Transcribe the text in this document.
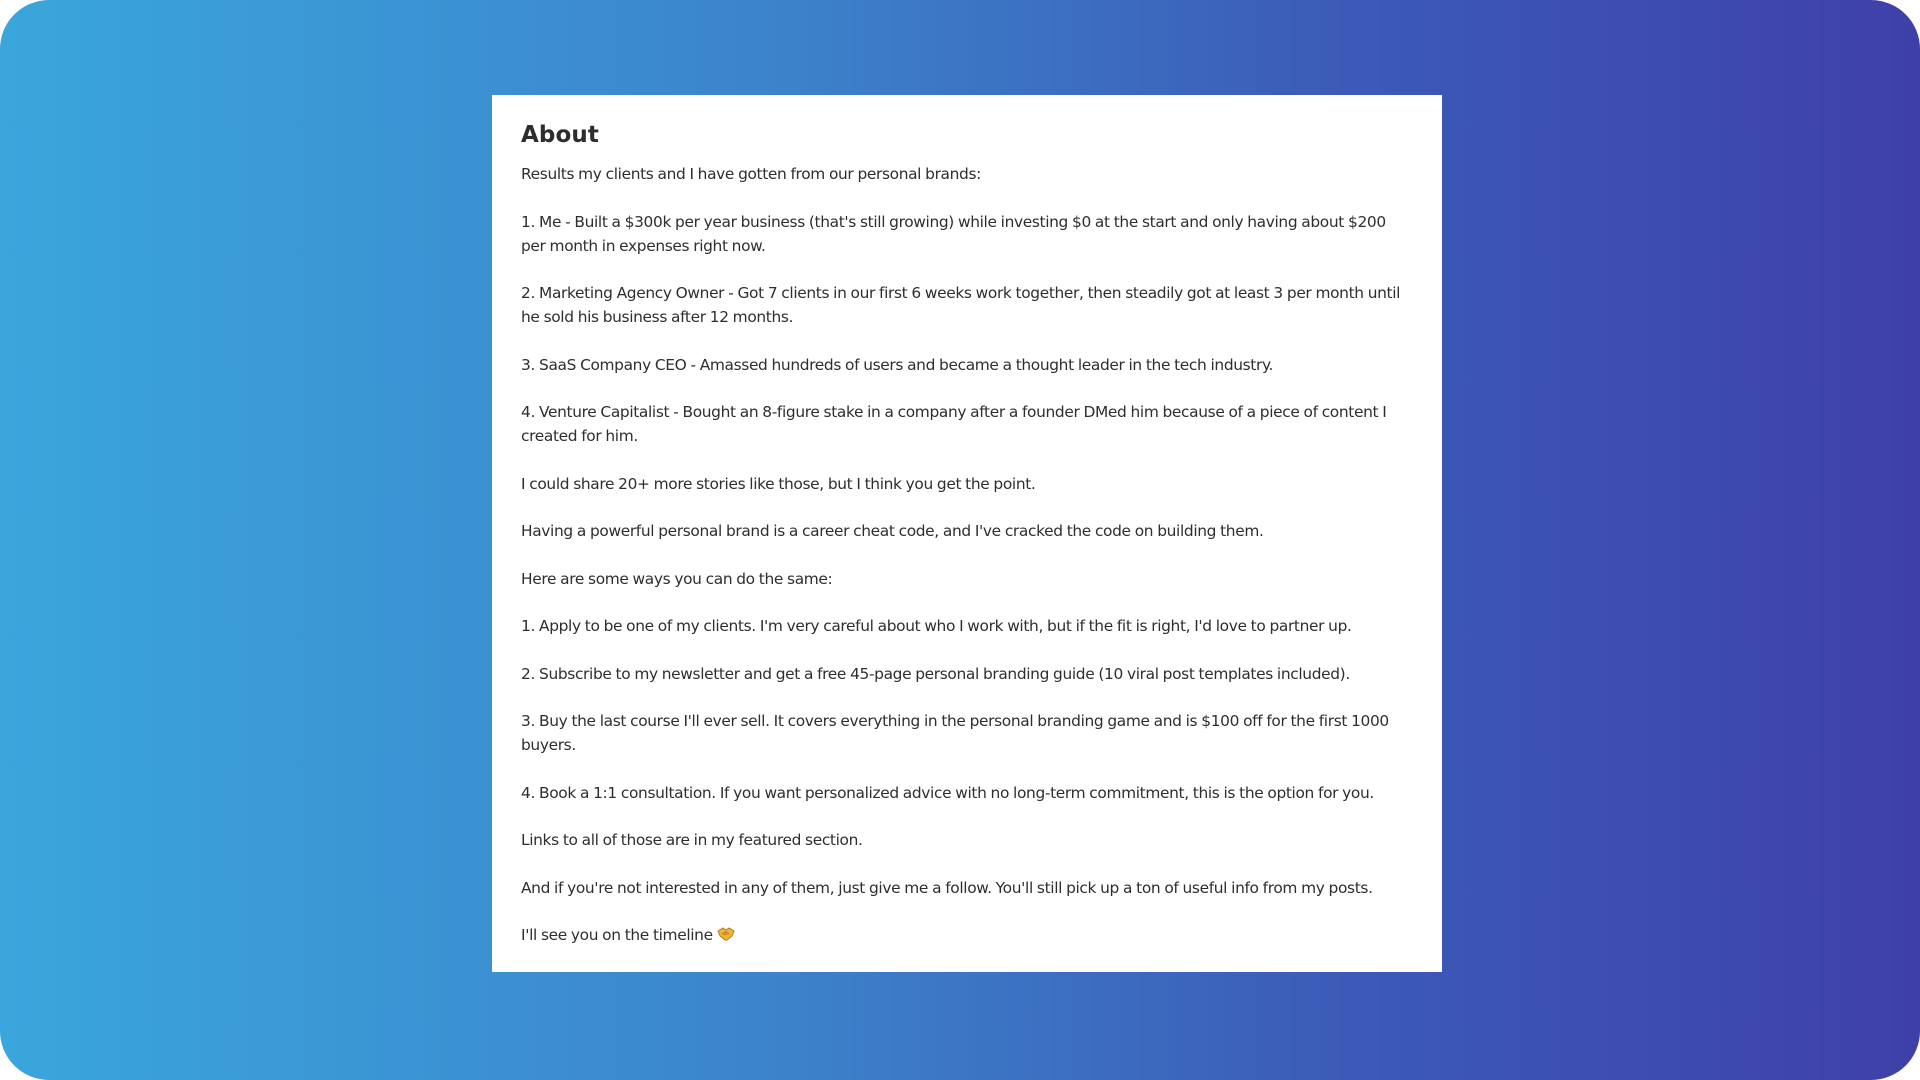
About

Results my clients and I have gotten from our personal brands:

1. Me - Built a $300k per year business (that's still growing) while investing $0 at the start and only having about $200 per month in expenses right now.

2. Marketing Agency Owner - Got 7 clients in our first 6 weeks work together, then steadily got at least 3 per month until he sold his business after 12 months.

3. SaaS Company CEO - Amassed hundreds of users and became a thought leader in the tech industry.

4. Venture Capitalist - Bought an 8-figure stake in a company after a founder DMed him because of a piece of content I created for him.

I could share 20+ more stories like those, but I think you get the point.

Having a powerful personal brand is a career cheat code, and I've cracked the code on building them.

Here are some ways you can do the same:

1. Apply to be one of my clients. I'm very careful about who I work with, but if the fit is right, I'd love to partner up.

2. Subscribe to my newsletter and get a free 45-page personal branding guide (10 viral post templates included).

3. Buy the last course I'll ever sell. It covers everything in the personal branding game and is $100 off for the first 1000 buyers.

4. Book a 1:1 consultation. If you want personalized advice with no long-term commitment, this is the option for you.

Links to all of those are in my featured section.

And if you're not interested in any of them, just give me a follow. You'll still pick up a ton of useful info from my posts.

I'll see you on the timeline
